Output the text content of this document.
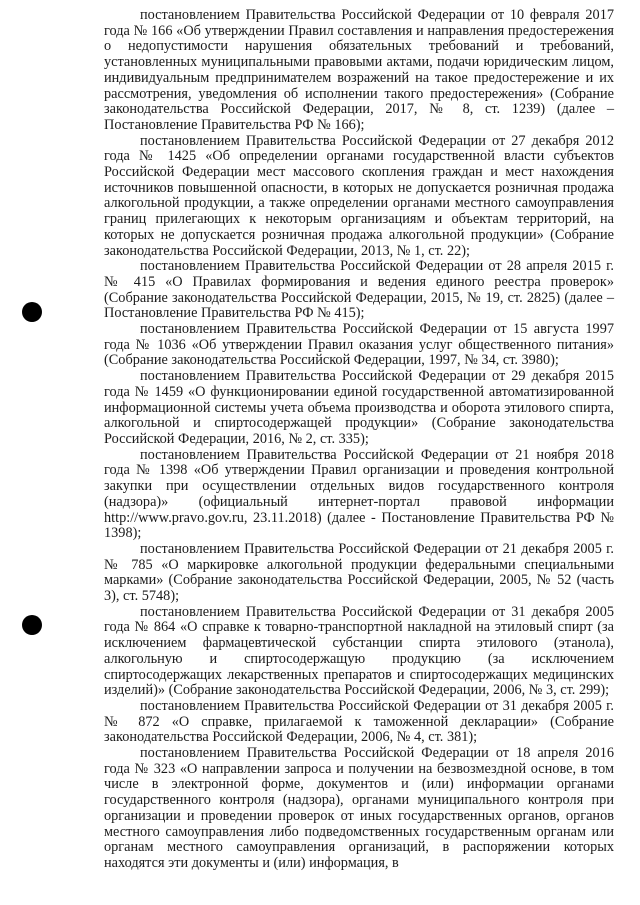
постановлением Правительства Российской Федерации от 10 февраля 2017 года № 166 «Об утверждении Правил составления и направления предостережения о недопустимости нарушения обязательных требований и требований, установленных муниципальными правовыми актами, подачи юридическим лицом, индивидуальным предпринимателем возражений на такое предостережение и их рассмотрения, уведомления об исполнении такого предостережения» (Собрание законодательства Российской Федерации, 2017, № 8, ст. 1239) (далее – Постановление Правительства РФ № 166);

постановлением Правительства Российской Федерации от 27 декабря 2012 года № 1425 «Об определении органами государственной власти субъектов Российской Федерации мест массового скопления граждан и мест нахождения источников повышенной опасности, в которых не допускается розничная продажа алкогольной продукции, а также определении органами местного самоуправления границ прилегающих к некоторым организациям и объектам территорий, на которых не допускается розничная продажа алкогольной продукции» (Собрание законодательства Российской Федерации, 2013, № 1, ст. 22);

постановлением Правительства Российской Федерации от 28 апреля 2015 г. № 415 «О Правилах формирования и ведения единого реестра проверок» (Собрание законодательства Российской Федерации, 2015, № 19, ст. 2825) (далее – Постановление Правительства РФ № 415);

постановлением Правительства Российской Федерации от 15 августа 1997 года № 1036 «Об утверждении Правил оказания услуг общественного питания» (Собрание законодательства Российской Федерации, 1997, № 34, ст. 3980);

постановлением Правительства Российской Федерации от 29 декабря 2015 года № 1459 «О функционировании единой государственной автоматизированной информационной системы учета объема производства и оборота этилового спирта, алкогольной и спиртосодержащей продукции» (Собрание законодательства Российской Федерации, 2016, № 2, ст. 335);

постановлением Правительства Российской Федерации от 21 ноября 2018 года № 1398 «Об утверждении Правил организации и проведения контрольной закупки при осуществлении отдельных видов государственного контроля (надзора)» (официальный интернет-портал правовой информации http://www.pravo.gov.ru, 23.11.2018) (далее - Постановление Правительства РФ № 1398);

постановлением Правительства Российской Федерации от 21 декабря 2005 г. № 785 «О маркировке алкогольной продукции федеральными специальными марками» (Собрание законодательства Российской Федерации, 2005, № 52 (часть 3), ст. 5748);

постановлением Правительства Российской Федерации от 31 декабря 2005 года № 864 «О справке к товарно-транспортной накладной на этиловый спирт (за исключением фармацевтической субстанции спирта этилового (этанола), алкогольную и спиртосодержащую продукцию (за исключением спиртосодержащих лекарственных препаратов и спиртосодержащих медицинских изделий)» (Собрание законодательства Российской Федерации, 2006, № 3, ст. 299);

постановлением Правительства Российской Федерации от 31 декабря 2005 г. № 872 «О справке, прилагаемой к таможенной декларации» (Собрание законодательства Российской Федерации, 2006, № 4, ст. 381);

постановлением Правительства Российской Федерации от 18 апреля 2016 года № 323 «О направлении запроса и получении на безвозмездной основе, в том числе в электронной форме, документов и (или) информации органами государственного контроля (надзора), органами муниципального контроля при организации и проведении проверок от иных государственных органов, органов местного самоуправления либо подведомственных государственным органам или органам местного самоуправления организаций, в распоряжении которых находятся эти документы и (или) информация, в
